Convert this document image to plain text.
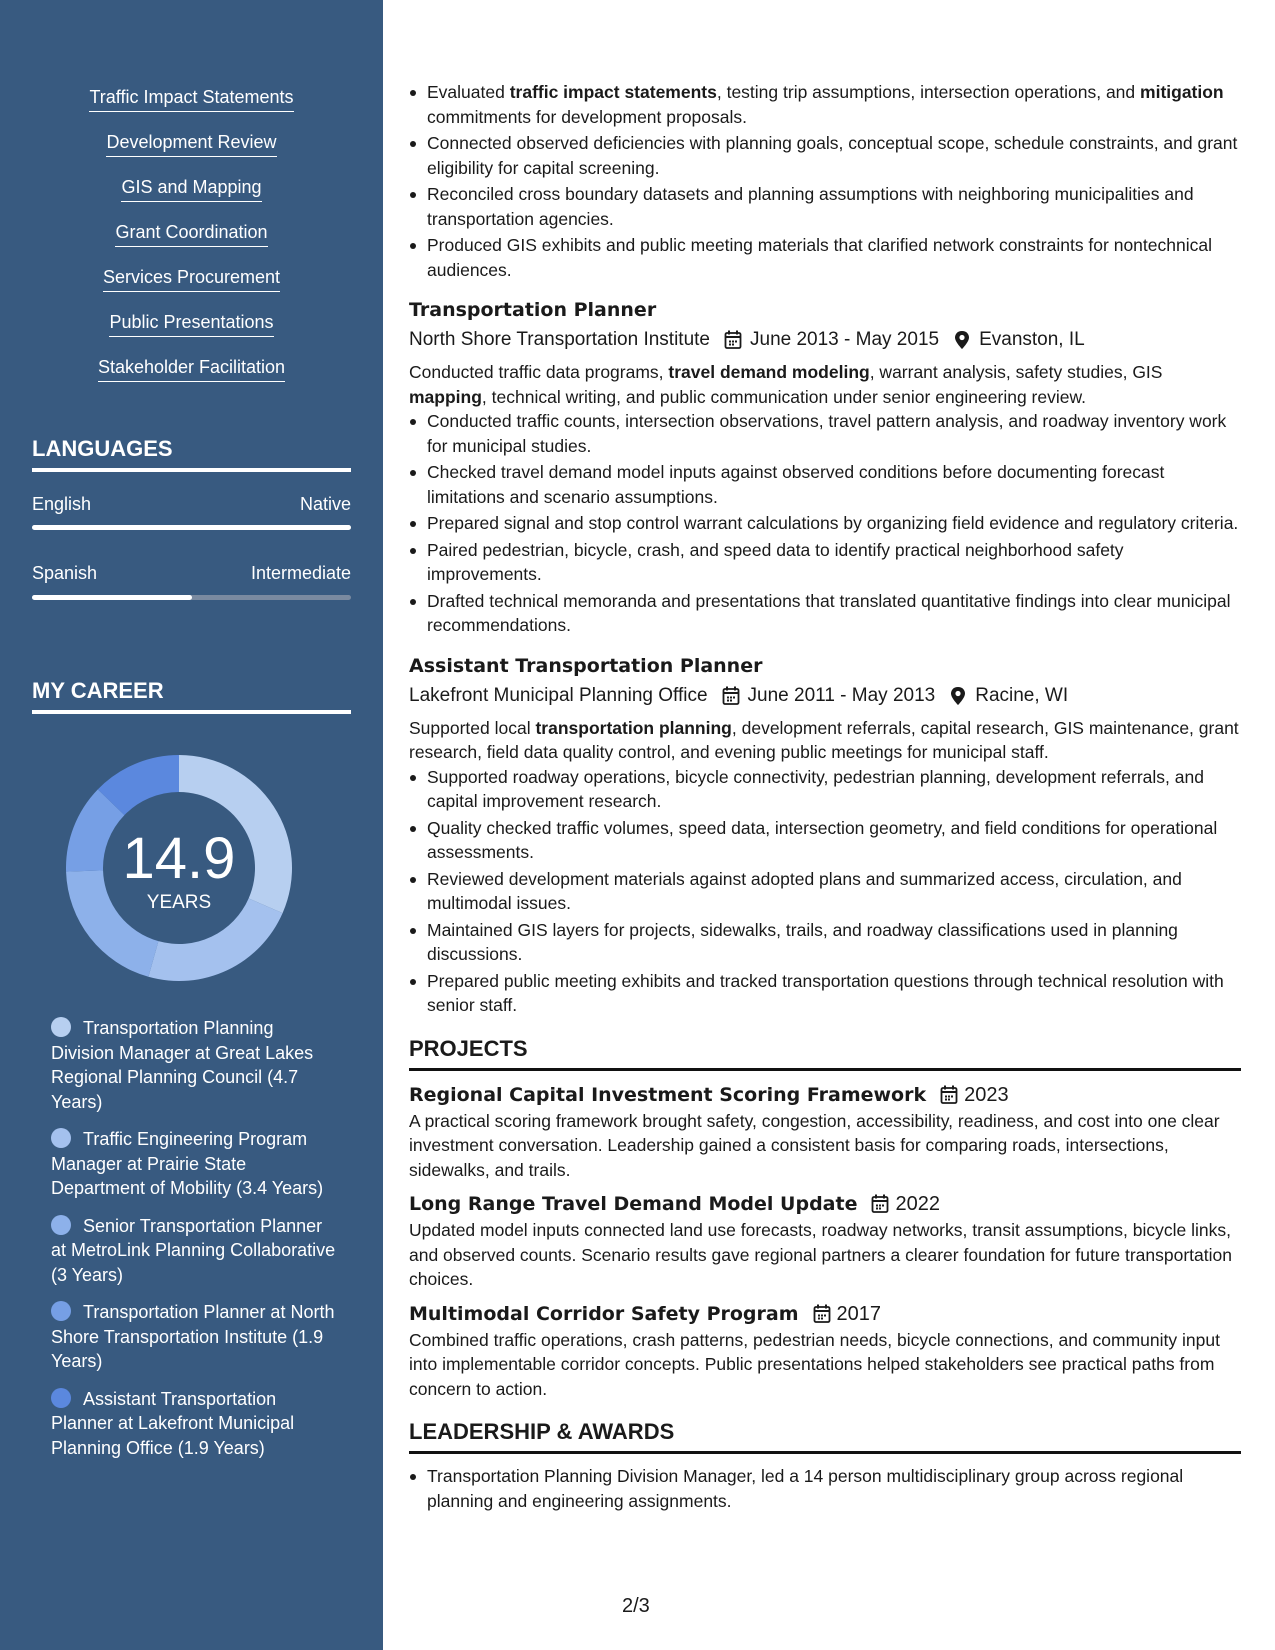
Traffic Impact Statements
Development Review
GIS and Mapping
Grant Coordination
Services Procurement
Public Presentations
Stakeholder Facilitation
LANGUAGES
English	Native
Spanish	Intermediate
MY CAREER
14.9
YEARS
Transportation Planning Division Manager at Great Lakes Regional Planning Council (4.7 Years)
Traffic Engineering Program Manager at Prairie State Department of Mobility (3.4 Years)
Senior Transportation Planner at MetroLink Planning Collaborative (3 Years)
Transportation Planner at North Shore Transportation Institute (1.9 Years)
Assistant Transportation Planner at Lakefront Municipal Planning Office (1.9 Years)
Evaluated traffic impact statements, testing trip assumptions, intersection operations, and mitigation commitments for development proposals.
Connected observed deficiencies with planning goals, conceptual scope, schedule constraints, and grant eligibility for capital screening.
Reconciled cross boundary datasets and planning assumptions with neighboring municipalities and transportation agencies.
Produced GIS exhibits and public meeting materials that clarified network constraints for nontechnical audiences.
Transportation Planner
North Shore Transportation Institute June 2013 - May 2015 Evanston, IL
Conducted traffic data programs, travel demand modeling, warrant analysis, safety studies, GIS mapping, technical writing, and public communication under senior engineering review.
Conducted traffic counts, intersection observations, travel pattern analysis, and roadway inventory work for municipal studies.
Checked travel demand model inputs against observed conditions before documenting forecast limitations and scenario assumptions.
Prepared signal and stop control warrant calculations by organizing field evidence and regulatory criteria.
Paired pedestrian, bicycle, crash, and speed data to identify practical neighborhood safety improvements.
Drafted technical memoranda and presentations that translated quantitative findings into clear municipal recommendations.
Assistant Transportation Planner
Lakefront Municipal Planning Office June 2011 - May 2013 Racine, WI
Supported local transportation planning, development referrals, capital research, GIS maintenance, grant research, field data quality control, and evening public meetings for municipal staff.
Supported roadway operations, bicycle connectivity, pedestrian planning, development referrals, and capital improvement research.
Quality checked traffic volumes, speed data, intersection geometry, and field conditions for operational assessments.
Reviewed development materials against adopted plans and summarized access, circulation, and multimodal issues.
Maintained GIS layers for projects, sidewalks, trails, and roadway classifications used in planning discussions.
Prepared public meeting exhibits and tracked transportation questions through technical resolution with senior staff.
PROJECTS
Regional Capital Investment Scoring Framework 2023
A practical scoring framework brought safety, congestion, accessibility, readiness, and cost into one clear investment conversation. Leadership gained a consistent basis for comparing roads, intersections, sidewalks, and trails.
Long Range Travel Demand Model Update 2022
Updated model inputs connected land use forecasts, roadway networks, transit assumptions, bicycle links, and observed counts. Scenario results gave regional partners a clearer foundation for future transportation choices.
Multimodal Corridor Safety Program 2017
Combined traffic operations, crash patterns, pedestrian needs, bicycle connections, and community input into implementable corridor concepts. Public presentations helped stakeholders see practical paths from concern to action.
LEADERSHIP & AWARDS
Transportation Planning Division Manager, led a 14 person multidisciplinary group across regional planning and engineering assignments.
2/3
